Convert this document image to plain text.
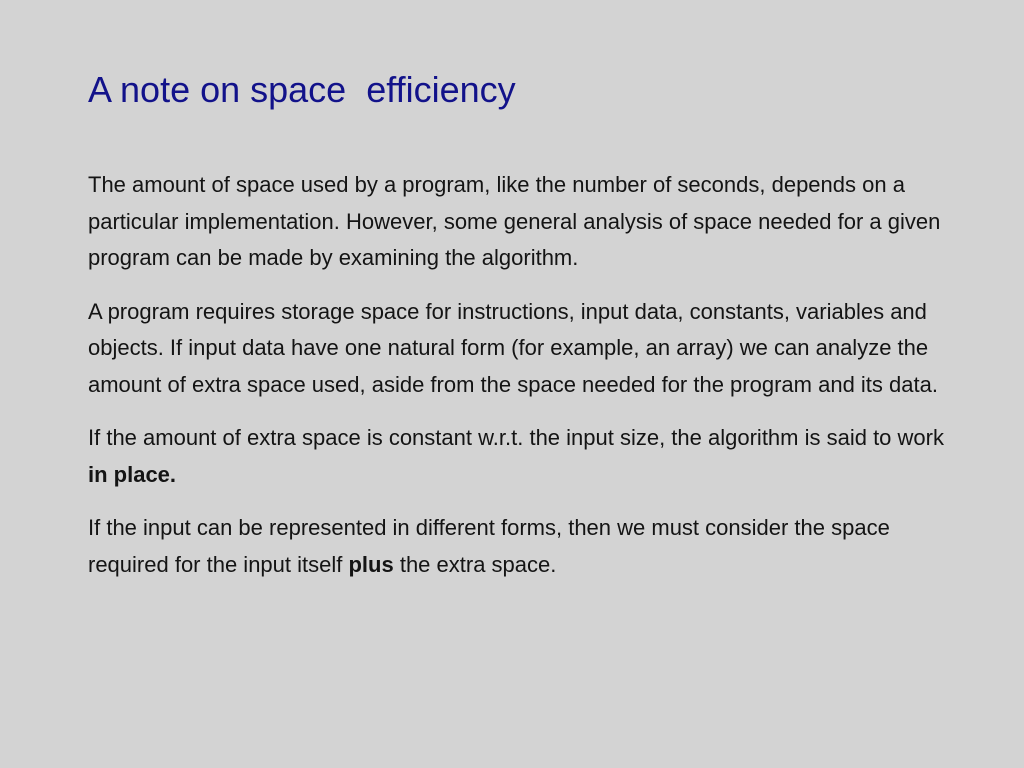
A note on space  efficiency

The amount of space used by a program, like the number of seconds, depends on a particular implementation. However, some general analysis of space needed for a given program can be made by examining the algorithm.

A program requires storage space for instructions, input data, constants, variables and objects. If input data have one natural form (for example, an array) we can analyze the amount of extra space used, aside from the space needed for the program and its data.

If the amount of extra space is constant w.r.t. the input size, the algorithm is said to work in place.

If the input can be represented in different forms, then we must consider the space required for the input itself plus the extra space.
